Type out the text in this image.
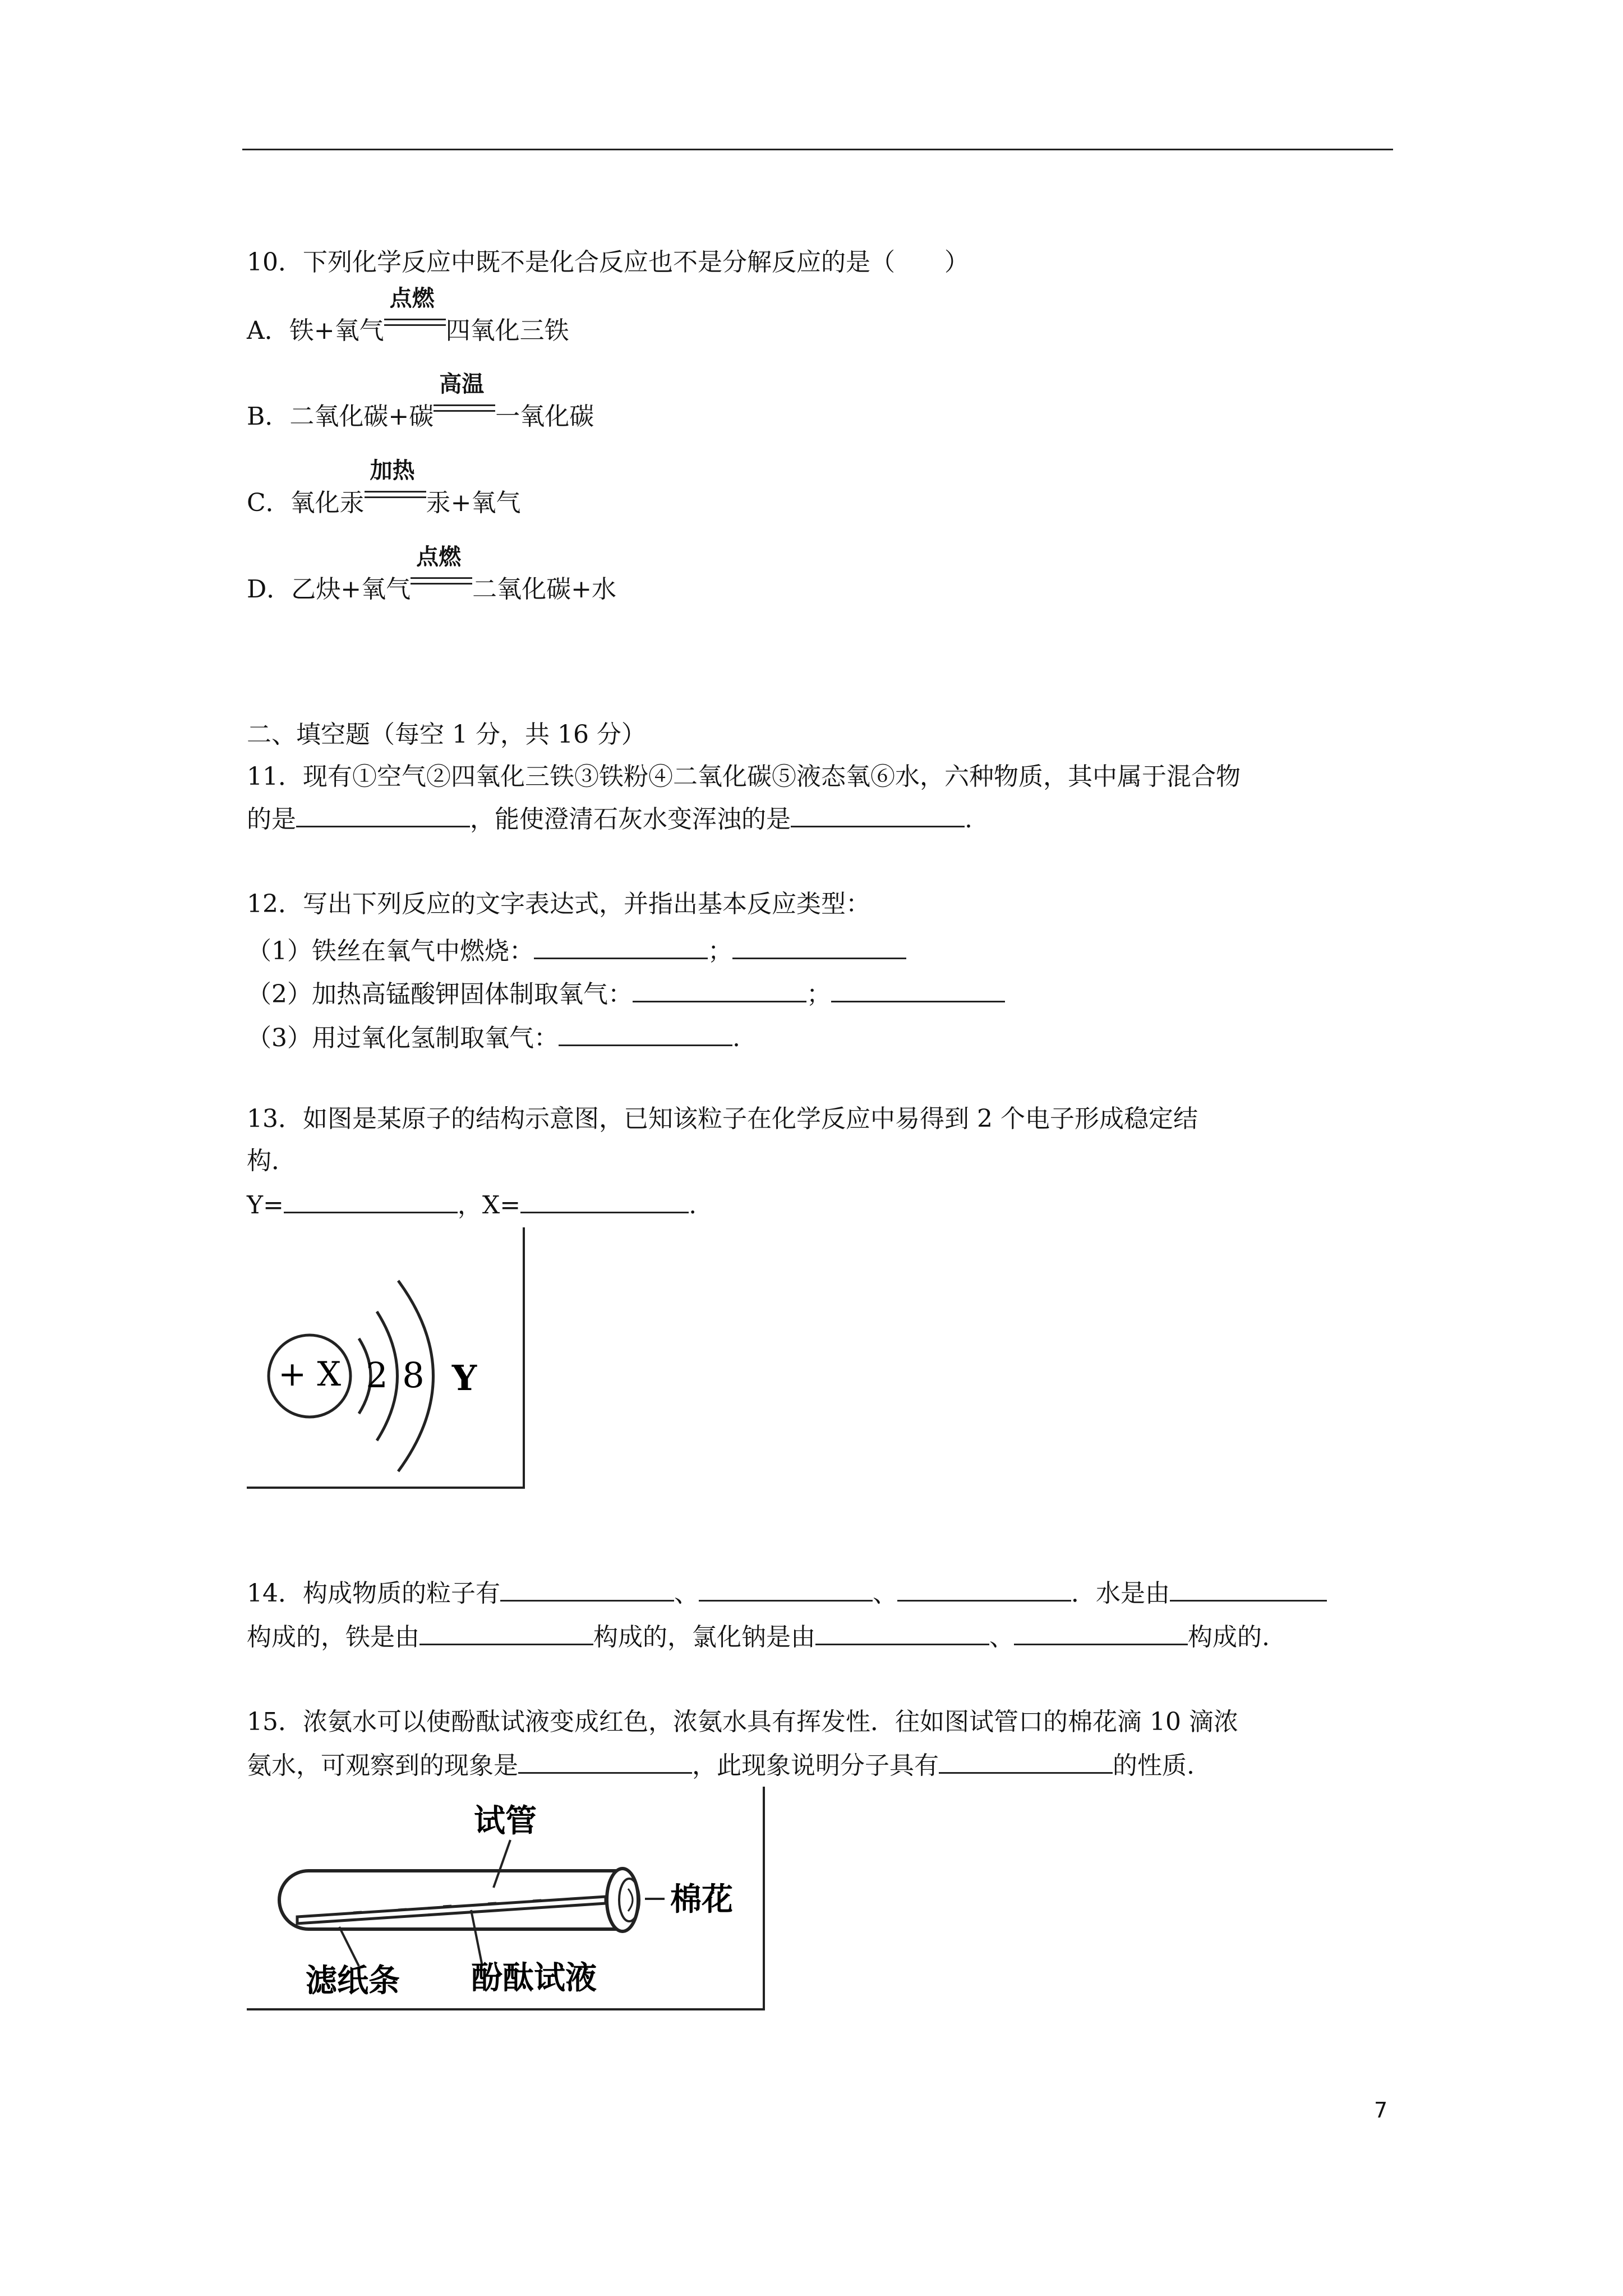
10．下列化学反应中既不是化合反应也不是分解反应的是（　　）
A．铁+氧气
点燃
四氧化三铁
B．二氧化碳+碳
高温
一氧化碳
C．氧化汞
加热
汞+氧气
D．乙炔+氧气
点燃
二氧化碳+水
二、填空题（每空 1 分，共 16 分）
11．现有①空气②四氧化三铁③铁粉④二氧化碳⑤液态氧⑥水，六种物质，其中属于混合物
的是	，能使澄清石灰水变浑浊的是	.
12．写出下列反应的文字表达式，并指出基本反应类型：
（1）铁丝在氧气中燃烧：	；
（2）加热高锰酸钾固体制取氧气：	；
（3）用过氧化氢制取氧气：	.
13．如图是某原子的结构示意图，已知该粒子在化学反应中易得到 2 个电子形成稳定结
构．
Y=	，X=	.
+ X 2 8 Y
14．构成物质的粒子有	、	、	．水是由
构成的，铁是由	构成的，氯化钠是由	、	构成的.
15．浓氨水可以使酚酞试液变成红色，浓氨水具有挥发性．往如图试管口的棉花滴 10 滴浓
氨水，可观察到的现象是	，此现象说明分子具有	的性质.
试管
棉花
滤纸条 酚酞试液
7
